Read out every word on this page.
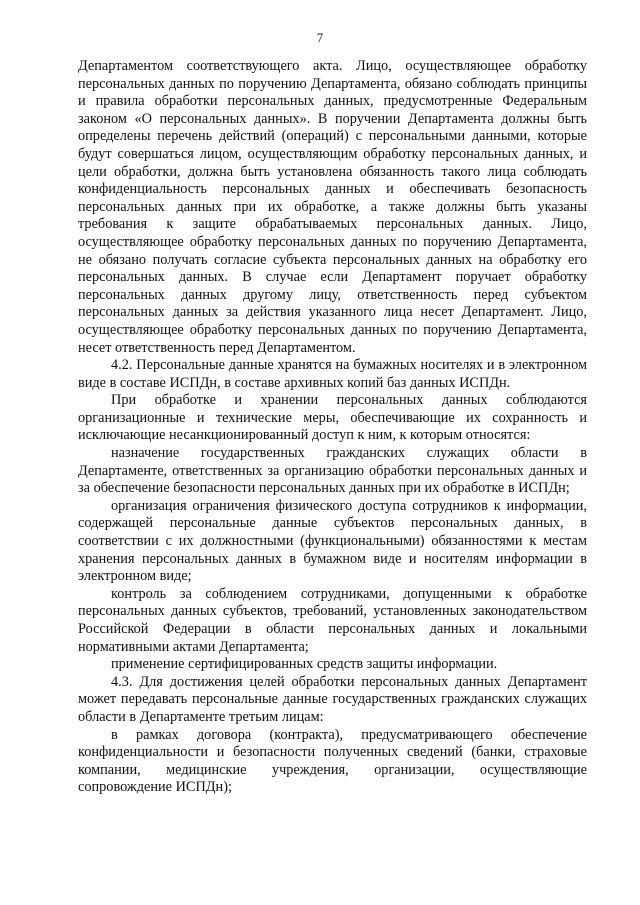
7

Департаментом соответствующего акта. Лицо, осуществляющее обработку персональных данных по поручению Департамента, обязано соблюдать принципы и правила обработки персональных данных, предусмотренные Федеральным законом «О персональных данных». В поручении Департамента должны быть определены перечень действий (операций) с персональными данными, которые будут совершаться лицом, осуществляющим обработку персональных данных, и цели обработки, должна быть установлена обязанность такого лица соблюдать конфиденциальность персональных данных и обеспечивать безопасность персональных данных при их обработке, а также должны быть указаны требования к защите обрабатываемых персональных данных. Лицо, осуществляющее обработку персональных данных по поручению Департамента, не обязано получать согласие субъекта персональных данных на обработку его персональных данных. В случае если Департамент поручает обработку персональных данных другому лицу, ответственность перед субъектом персональных данных за действия указанного лица несет Департамент. Лицо, осуществляющее обработку персональных данных по поручению Департамента, несет ответственность перед Департаментом.

4.2. Персональные данные хранятся на бумажных носителях и в электронном виде в составе ИСПДн, в составе архивных копий баз данных ИСПДн.

При обработке и хранении персональных данных соблюдаются организационные и технические меры, обеспечивающие их сохранность и исключающие несанкционированный доступ к ним, к которым относятся:

назначение государственных гражданских служащих области в Департаменте, ответственных за организацию обработки персональных данных и за обеспечение безопасности персональных данных при их обработке в ИСПДн;

организация ограничения физического доступа сотрудников к информации, содержащей персональные данные субъектов персональных данных, в соответствии с их должностными (функциональными) обязанностями к местам хранения персональных данных в бумажном виде и носителям информации в электронном виде;

контроль за соблюдением сотрудниками, допущенными к обработке персональных данных субъектов, требований, установленных законодательством Российской Федерации в области персональных данных и локальными нормативными актами Департамента;

применение сертифицированных средств защиты информации.

4.3. Для достижения целей обработки персональных данных Департамент может передавать персональные данные государственных гражданских служащих области в Департаменте третьим лицам:

в рамках договора (контракта), предусматривающего обеспечение конфиденциальности и безопасности полученных сведений (банки, страховые компании, медицинские учреждения, организации, осуществляющие сопровождение ИСПДн);
